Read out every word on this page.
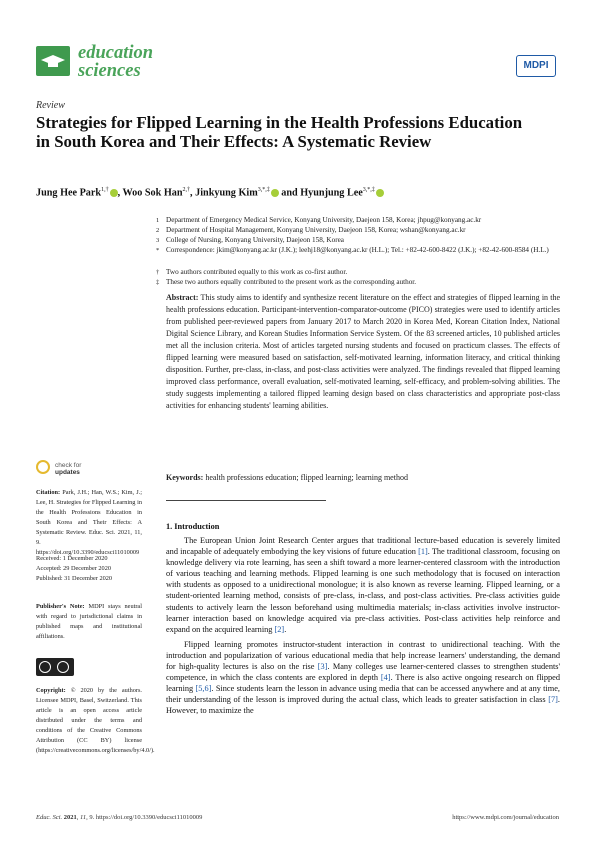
education
sciences	MDPI
Review
Strategies for Flipped Learning in the Health Professions Education in South Korea and Their Effects: A Systematic Review
Jung Hee Park$^{1,\dagger}$ , Woo Sok Han$^{2,\dagger}$, Jinkyung Kim$^{3,*,\ddagger}$ and Hyunjung Lee$^{3,*,\ddagger}$
1 Department of Emergency Medical Service, Konyang University, Daejeon 158, Korea; jhpug@konyang.ac.kr
2 Department of Hospital Management, Konyang University, Daejeon 158, Korea; wshan@konyang.ac.kr
3 College of Nursing, Konyang University, Daejeon 158, Korea
* Correspondence: jkim@konyang.ac.kr (J.K.); leehj18@konyang.ac.kr (H.L.); Tel.: +82-42-600-8422 (J.K.); +82-42-600-8584 (H.L.)
† Two authors contributed equally to this work as co-first author.
‡ These two authors equally contributed to the present work as the corresponding author.
Abstract: This study aims to identify and synthesize recent literature on the effect and strategies of flipped learning in the health professions education. Participant-intervention-comparator-outcome (PICO) strategies were used to identify articles from published peer-reviewed papers from January 2017 to March 2020 in Korea Med, Korean Citation Index, National Digital Science Library, and Korean Studies Information Service System. Of the 83 screened articles, 10 published articles met all the inclusion criteria. Most of articles targeted nursing students and focused on practicum classes. The effects of flipped learning were measured based on satisfaction, self-motivated learning, information literacy, and critical thinking disposition. Further, pre-class, in-class, and post-class activities were analyzed. The findings revealed that flipped learning improved class performance, overall evaluation, self-motivated learning, self-efficacy, and problem-solving abilities. The study suggests implementing a tailored flipped learning design based on class characteristics and appropriate post-class activities for enhancing students' learning abilities.
Keywords: health professions education; flipped learning; learning method
check for
updates
Citation: Park, J.H.; Han, W.S.; Kim, J.; Lee, H. Strategies for Flipped Learning in the Health Professions Education in South Korea and Their Effects: A Systematic Review. Educ. Sci. 2021, 11, 9. https://doi.org/10.3390/educsci11010009
Received: 1 December 2020
Accepted: 29 December 2020
Published: 31 December 2020
Publisher's Note: MDPI stays neutral with regard to jurisdictional claims in published maps and institutional affiliations.
Copyright: © 2020 by the authors. Licensee MDPI, Basel, Switzerland. This article is an open access article distributed under the terms and conditions of the Creative Commons Attribution (CC BY) license (https://creativecommons.org/licenses/by/4.0/).
1. Introduction

The European Union Joint Research Center argues that traditional lecture-based education is severely limited and incapable of adequately embodying the key visions of future education [1]. The traditional classroom, focusing on knowledge delivery via rote learning, has seen a shift toward a more learner-centered classroom with the introduction of various teaching and learning methods. Flipped learning is one such methodology that is focused on interaction with students as opposed to a unidirectional monologue; it is also known as reverse learning. Flipped learning, or a student-oriented learning method, consists of pre-class, in-class, and post-class activities. Pre-class activities guide students to actively learn the lesson beforehand using multimedia materials; in-class activities involve instructor-learner interaction based on knowledge acquired via pre-class activities. Post-class activities help reinforce and expand on the acquired learning [2].

Flipped learning promotes instructor-student interaction in contrast to unidirectional teaching. With the introduction and popularization of various educational media that help increase learners' understanding, the demand for high-quality lectures is also on the rise [3]. Many colleges use learner-centered classes to strengthen students' competence, in which the class contents are explored in depth [4]. There is also active ongoing research on flipped learning [5,6]. Since students learn the lesson in advance using media that can be accessed anywhere and at any time, their understanding of the lesson is improved during the actual class, which leads to greater satisfaction in class [7]. However, to maximize the

Educ. Sci. 2021, 11, 9. https://doi.org/10.3390/educsci11010009	https://www.mdpi.com/journal/education
